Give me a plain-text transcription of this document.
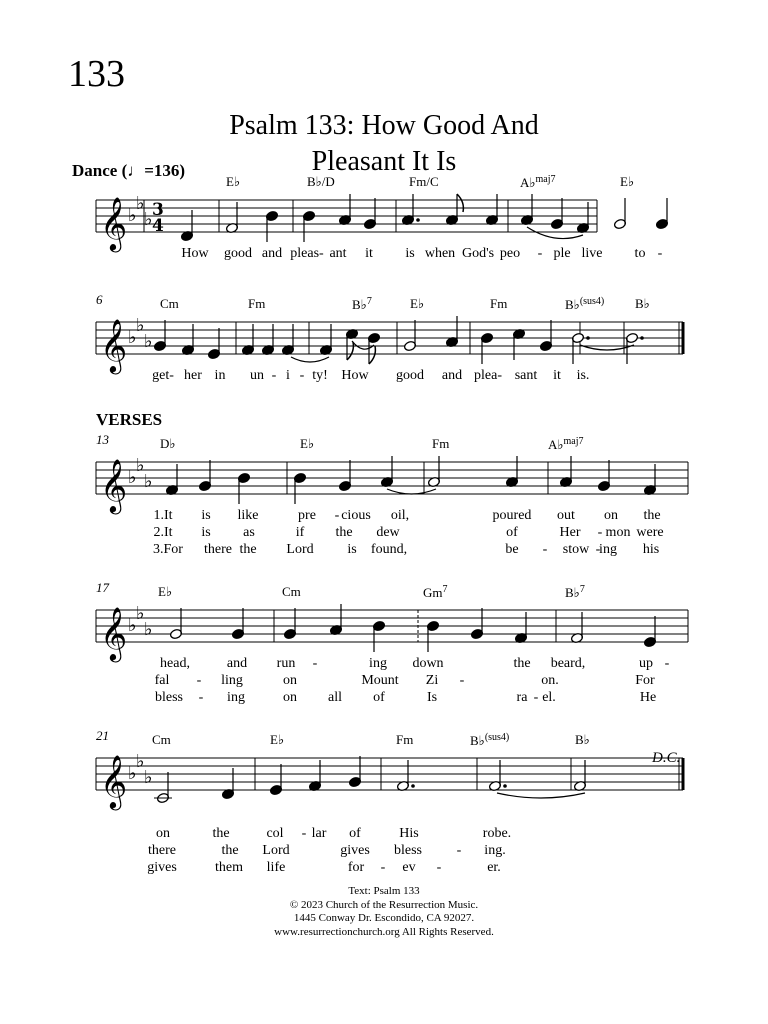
133
Psalm 133: How Good And
Pleasant It Is
Dance (♩=136)
VERSES
D.C.
𝄞 ♭
♭
♭ 3
4
𝄞 ♭
♭
♭
𝄞 ♭
♭
♭
𝄞 ♭
♭
♭
𝄞 ♭
♭
♭
E♭	B♭/D	Fm/C	A♭$^{maj7}$	E♭
How good and pleas- ant it is when God's peo - ple live to -
6	Cm	Fm	B♭$^7$	E♭	Fm	B♭$^{(sus4)}$ B♭
get- her in un - i - ty! How good and plea- sant it is.
13	D♭	E♭	Fm	A♭$^{maj7}$
1.It is like	pre - cious oil,	poured out on the
2.It is as	if the dew	of	Her - mon were
3.For there the Lord is found,	be - stow -
ing his
17	E♭	Cm	Gm$^7$	B♭$^7$
head,	and run -	ing down	the beard,	up -
fal - ling	on	Mount Zi -	on.	For
bless - ing	on all of	Is	ra - el.	He
21	Cm	E♭	Fm	B♭$^{(sus4)}$	B♭
on	the	col - lar of	His	robe.
there	the Lord	gives bless - ing.
gives	them life	for - ev -	er.
Text: Psalm 133
© 2023 Church of the Resurrection Music.
1445 Conway Dr. Escondido, CA 92027.
www.resurrectionchurch.org All Rights Reserved.
